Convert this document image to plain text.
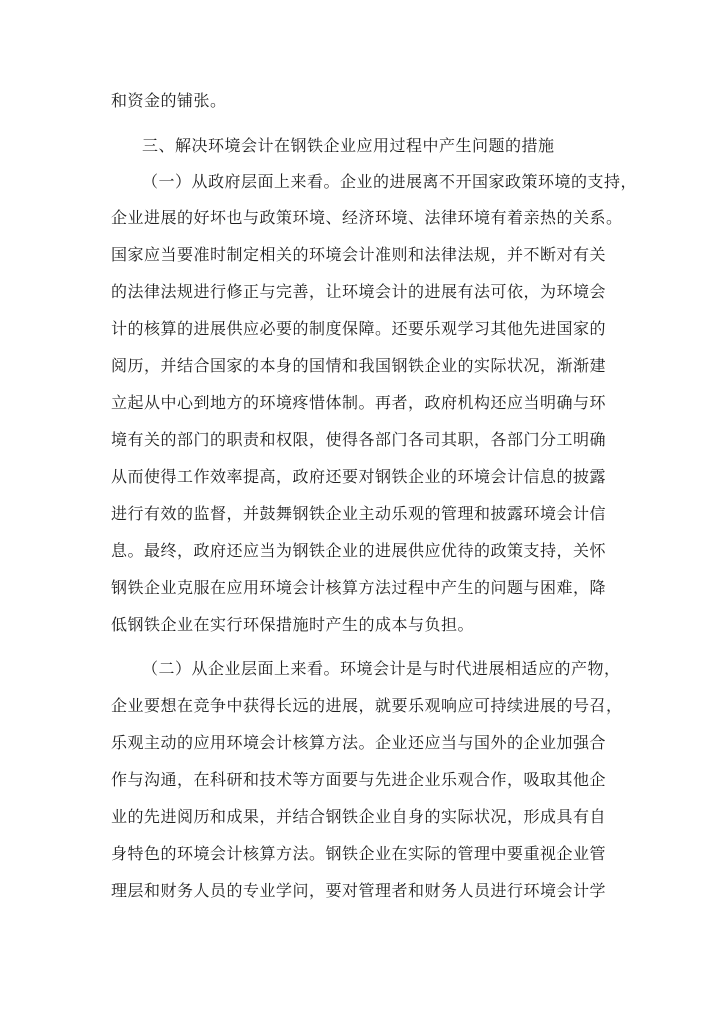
和资金的铺张。
三、解决环境会计在钢铁企业应用过程中产生问题的措施
（一）从政府层面上来看。企业的进展离不开国家政策环境的支持，
企业进展的好坏也与政策环境、经济环境、法律环境有着亲热的关系。
国家应当要准时制定相关的环境会计准则和法律法规，并不断对有关
的法律法规进行修正与完善，让环境会计的进展有法可依，为环境会
计的核算的进展供应必要的制度保障。还要乐观学习其他先进国家的
阅历，并结合国家的本身的国情和我国钢铁企业的实际状况，渐渐建
立起从中心到地方的环境疼惜体制。再者，政府机构还应当明确与环
境有关的部门的职责和权限，使得各部门各司其职，各部门分工明确
从而使得工作效率提高，政府还要对钢铁企业的环境会计信息的披露
进行有效的监督，并鼓舞钢铁企业主动乐观的管理和披露环境会计信
息。最终，政府还应当为钢铁企业的进展供应优待的政策支持，关怀
钢铁企业克服在应用环境会计核算方法过程中产生的问题与困难，降
低钢铁企业在实行环保措施时产生的成本与负担。
（二）从企业层面上来看。环境会计是与时代进展相适应的产物，
企业要想在竞争中获得长远的进展，就要乐观响应可持续进展的号召，
乐观主动的应用环境会计核算方法。企业还应当与国外的企业加强合
作与沟通，在科研和技术等方面要与先进企业乐观合作，吸取其他企
业的先进阅历和成果，并结合钢铁企业自身的实际状况，形成具有自
身特色的环境会计核算方法。钢铁企业在实际的管理中要重视企业管
理层和财务人员的专业学问，要对管理者和财务人员进行环境会计学
